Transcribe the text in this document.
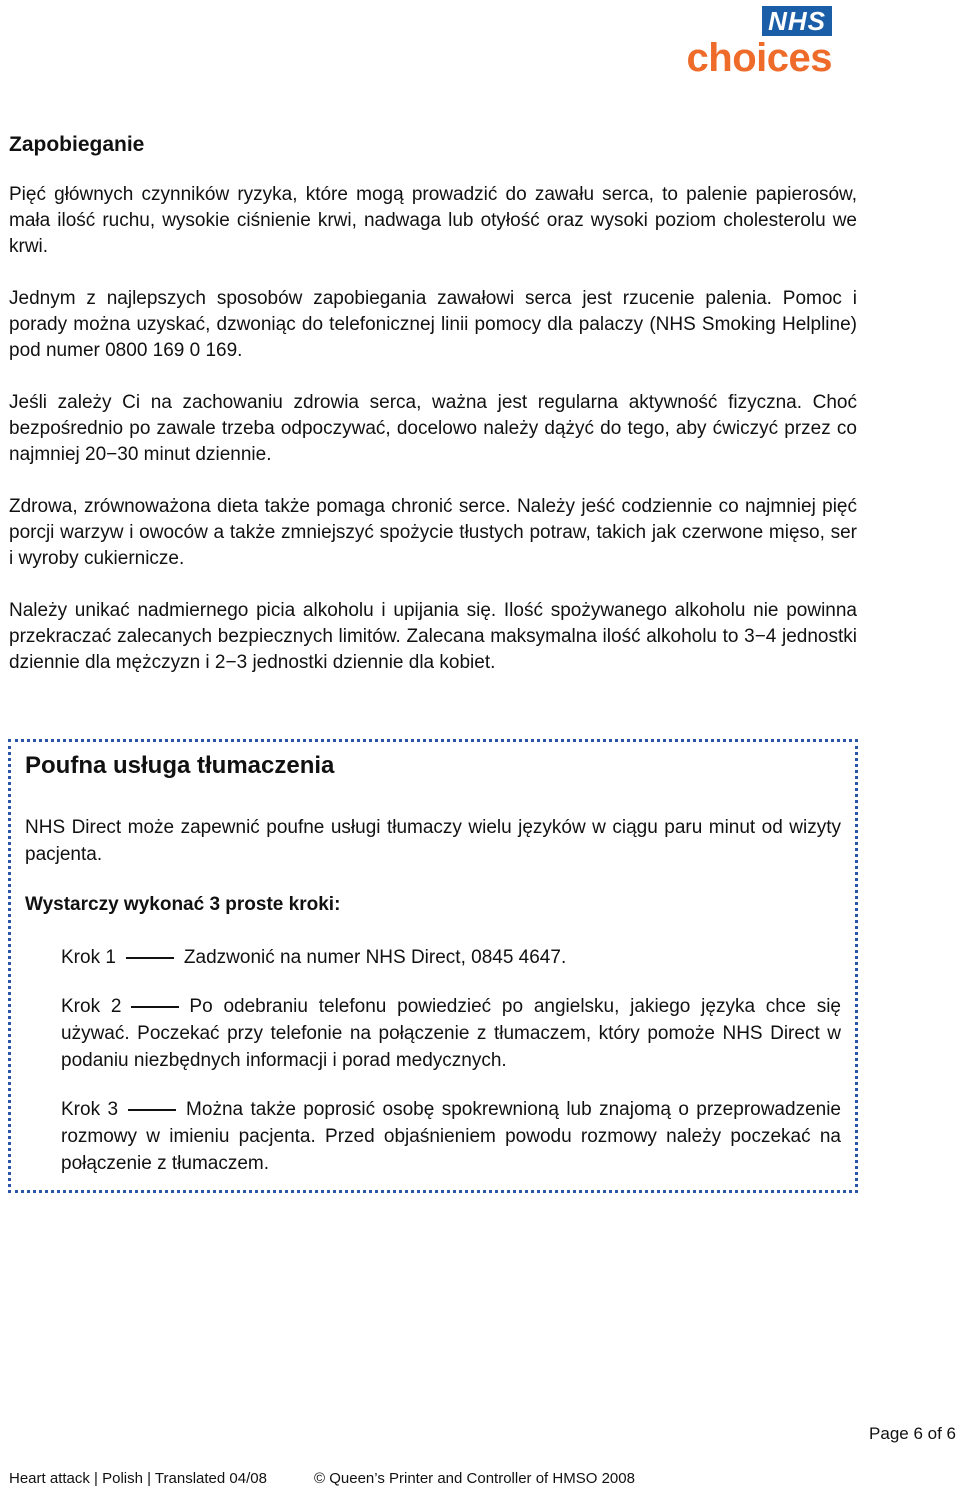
NHS
choices
Zapobieganie

Pięć głównych czynników ryzyka, które mogą prowadzić do zawału serca, to palenie papierosów, mała ilość ruchu, wysokie ciśnienie krwi, nadwaga lub otyłość oraz wysoki poziom cholesterolu we krwi.

Jednym z najlepszych sposobów zapobiegania zawałowi serca jest rzucenie palenia. Pomoc i porady można uzyskać, dzwoniąc do telefonicznej linii pomocy dla palaczy (NHS Smoking Helpline) pod numer 0800 169 0 169.

Jeśli zależy Ci na zachowaniu zdrowia serca, ważna jest regularna aktywność fizyczna. Choć bezpośrednio po zawale trzeba odpoczywać, docelowo należy dążyć do tego, aby ćwiczyć przez co najmniej 20−30 minut dziennie.

Zdrowa, zrównoważona dieta także pomaga chronić serce. Należy jeść codziennie co najmniej pięć porcji warzyw i owoców a także zmniejszyć spożycie tłustych potraw, takich jak czerwone mięso, ser i wyroby cukiernicze.

Należy unikać nadmiernego picia alkoholu i upijania się. Ilość spożywanego alkoholu nie powinna przekraczać zalecanych bezpiecznych limitów. Zalecana maksymalna ilość alkoholu to 3−4 jednostki dziennie dla mężczyzn i 2−3 jednostki dziennie dla kobiet.

Poufna usługa tłumaczenia

NHS Direct może zapewnić poufne usługi tłumaczy wielu języków w ciągu paru minut od wizyty pacjenta.

Wystarczy wykonać 3 proste kroki:
Krok 1	Zadzwonić na numer NHS Direct, 0845 4647.
Krok 2	Po odebraniu telefonu powiedzieć po angielsku, jakiego języka chce się używać. Poczekać przy telefonie na połączenie z tłumaczem, który pomoże NHS Direct w podaniu niezbędnych informacji i porad medycznych.
Krok 3	Można także poprosić osobę spokrewnioną lub znajomą o przeprowadzenie rozmowy w imieniu pacjenta. Przed objaśnieniem powodu rozmowy należy poczekać na połączenie z tłumaczem.
Page 6 of 6
Heart attack | Polish | Translated 04/08	© Queen’s Printer and Controller of HMSO 2008
